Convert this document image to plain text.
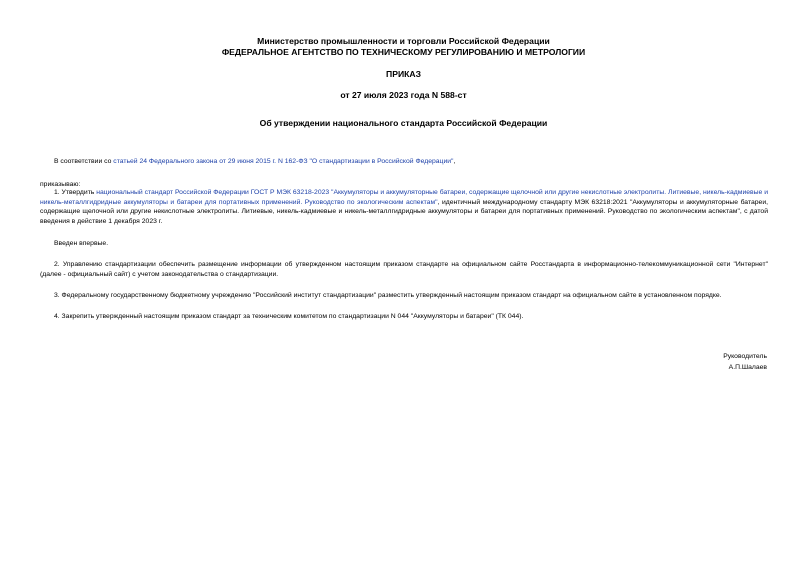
Министерство промышленности и торговли Российской Федерации
ФЕДЕРАЛЬНОЕ АГЕНТСТВО ПО ТЕХНИЧЕСКОМУ РЕГУЛИРОВАНИЮ И МЕТРОЛОГИИ
ПРИКАЗ
от 27 июля 2023 года N 588-ст
Об утверждении национального стандарта Российской Федерации
В соответствии со статьей 24 Федерального закона от 29 июня 2015 г. N 162-ФЗ "О стандартизации в Российской Федерации",
приказываю:
1. Утвердить национальный стандарт Российской Федерации ГОСТ Р МЭК 63218-2023 "Аккумуляторы и аккумуляторные батареи, содержащие щелочной или другие некислотные электролиты. Литиевые, никель-кадмиевые и никель-металлгидридные аккумуляторы и батареи для портативных применений. Руководство по экологическим аспектам", идентичный международному стандарту МЭК 63218:2021 "Аккумуляторы и аккумуляторные батареи, содержащие щелочной или другие некислотные электролиты. Литиевые, никель-кадмиевые и никель-металлгидридные аккумуляторы и батареи для портативных применений. Руководство по экологическим аспектам", с датой введения в действие 1 декабря 2023 г.
Введен впервые.
2. Управлению стандартизации обеспечить размещение информации об утвержденном настоящим приказом стандарте на официальном сайте Росстандарта в информационно-телекоммуникационной сети "Интернет" (далее - официальный сайт) с учетом законодательства о стандартизации.
3. Федеральному государственному бюджетному учреждению "Российский институт стандартизации" разместить утвержденный настоящим приказом стандарт на официальном сайте в установленном порядке.
4. Закрепить утвержденный настоящим приказом стандарт за техническим комитетом по стандартизации N 044 "Аккумуляторы и батареи" (ТК 044).
Руководитель
А.П.Шалаев
